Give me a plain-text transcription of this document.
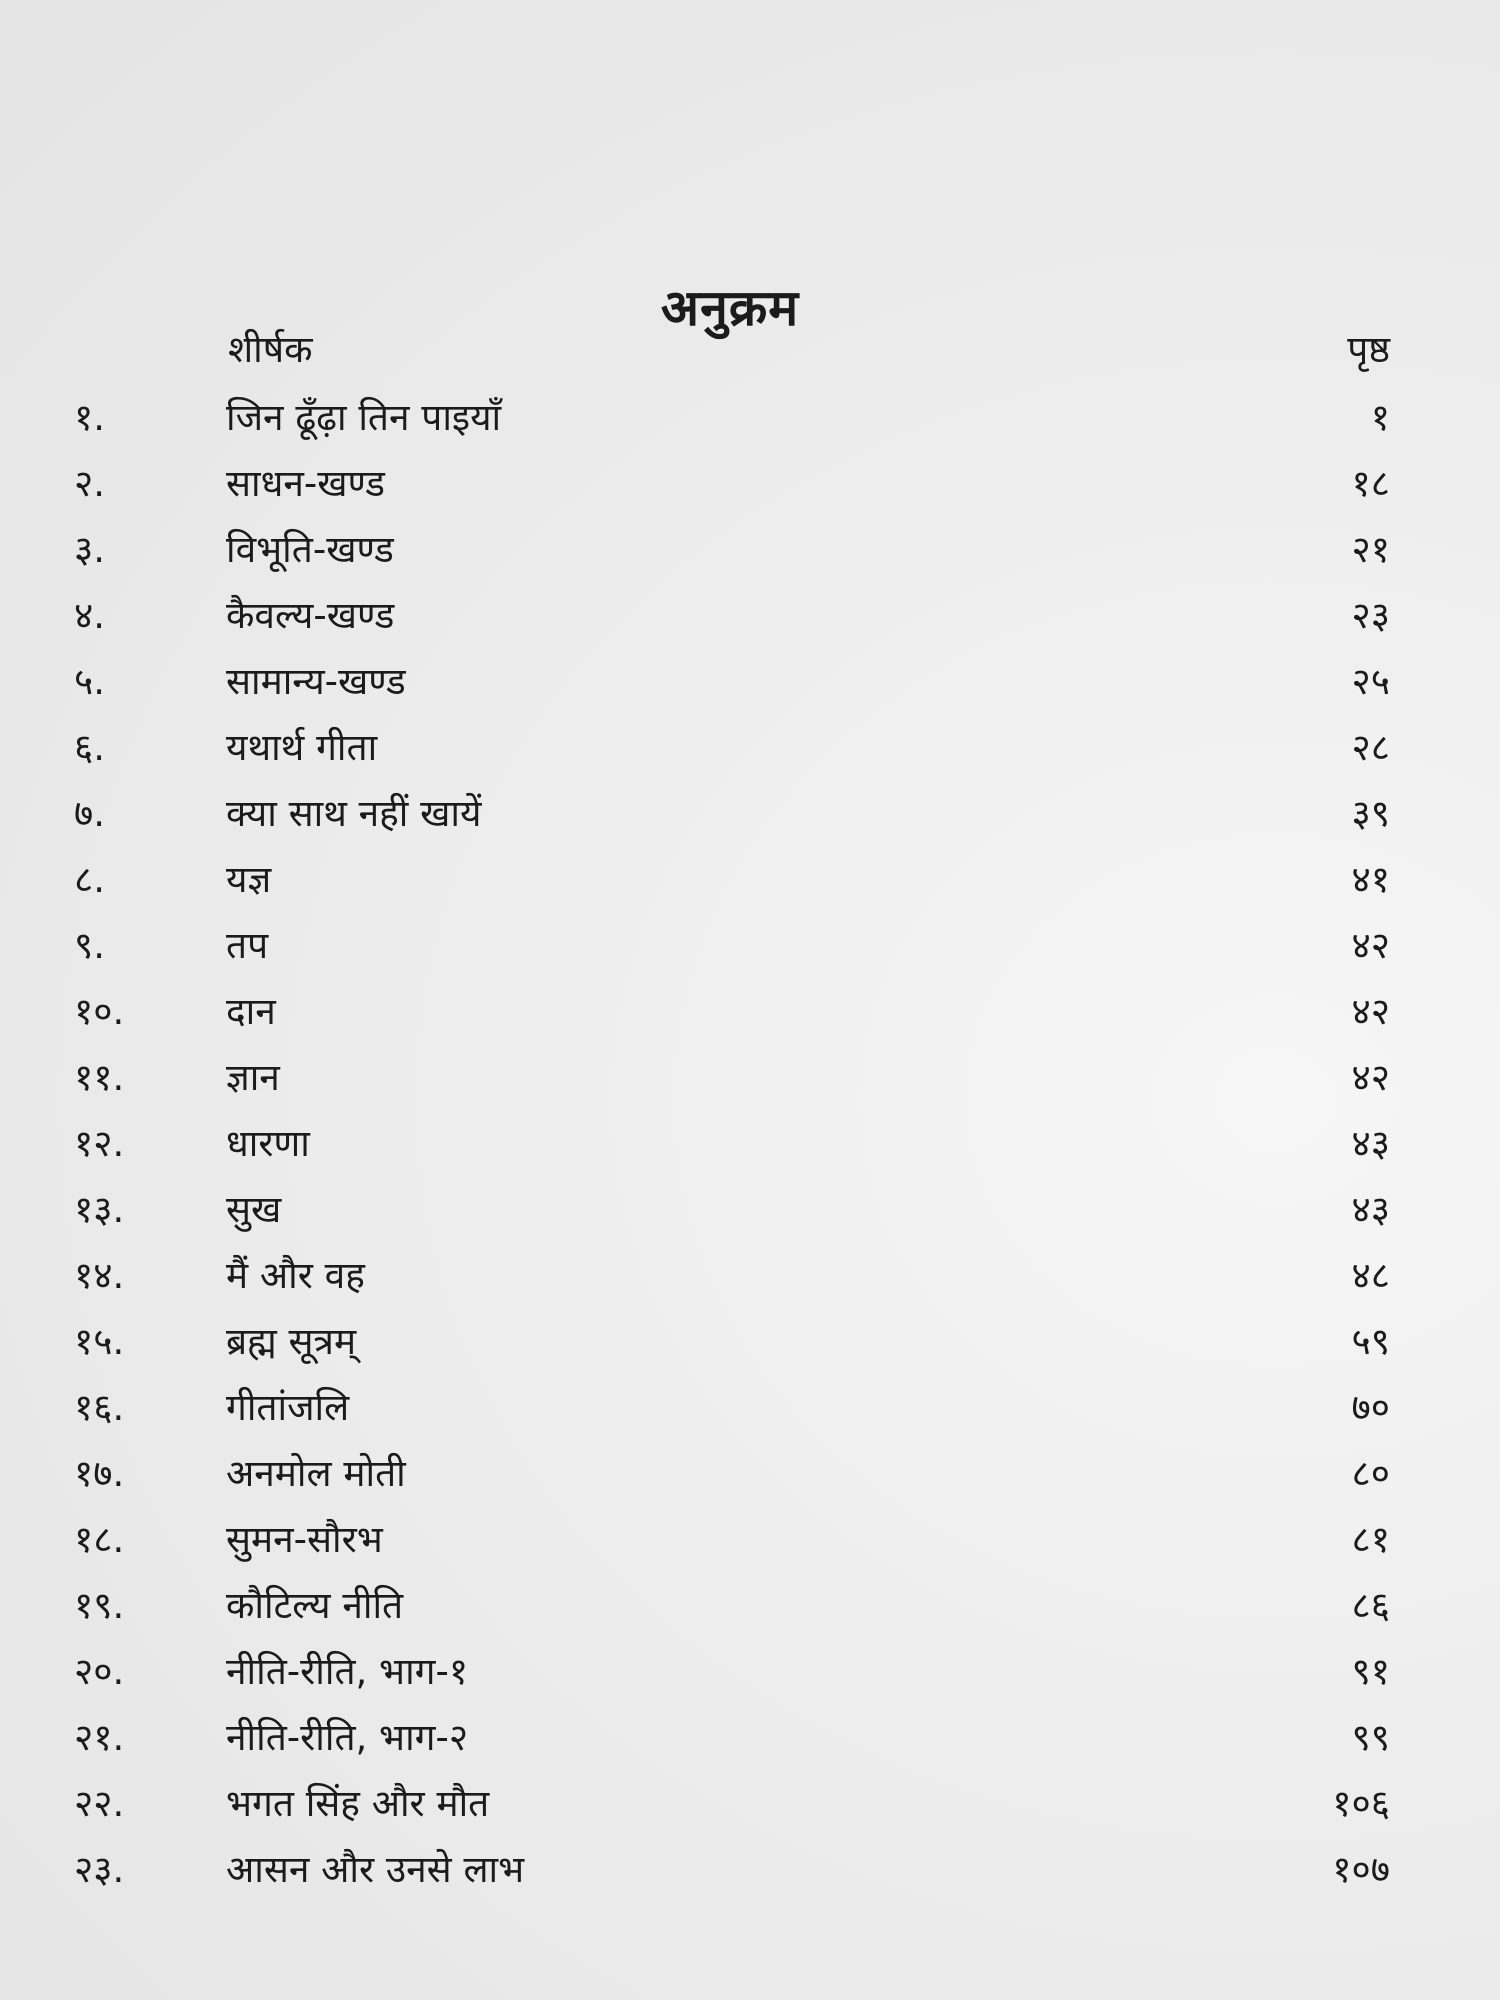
अनुक्रम
शीर्षक	पृष्ठ
१.	जिन ढूँढ़ा तिन पाइयाँ	१
२.	साधन-खण्ड	१८
३.	विभूति-खण्ड	२१
४.	कैवल्य-खण्ड	२३
५.	सामान्य-खण्ड	२५
६.	यथार्थ गीता	२८
७.	क्या साथ नहीं खायें	३९
८.	यज्ञ	४१
९.	तप	४२
१०.	दान	४२
११.	ज्ञान	४२
१२.	धारणा	४३
१३.	सुख	४३
१४.	मैं और वह	४८
१५.	ब्रह्म सूत्रम्	५९
१६.	गीतांजलि	७०
१७.	अनमोल मोती	८०
१८.	सुमन-सौरभ	८१
१९.	कौटिल्य नीति	८६
२०.	नीति-रीति, भाग-१	९१
२१.	नीति-रीति, भाग-२	९९
२२.	भगत सिंह और मौत	१०६
२३.	आसन और उनसे लाभ	१०७
